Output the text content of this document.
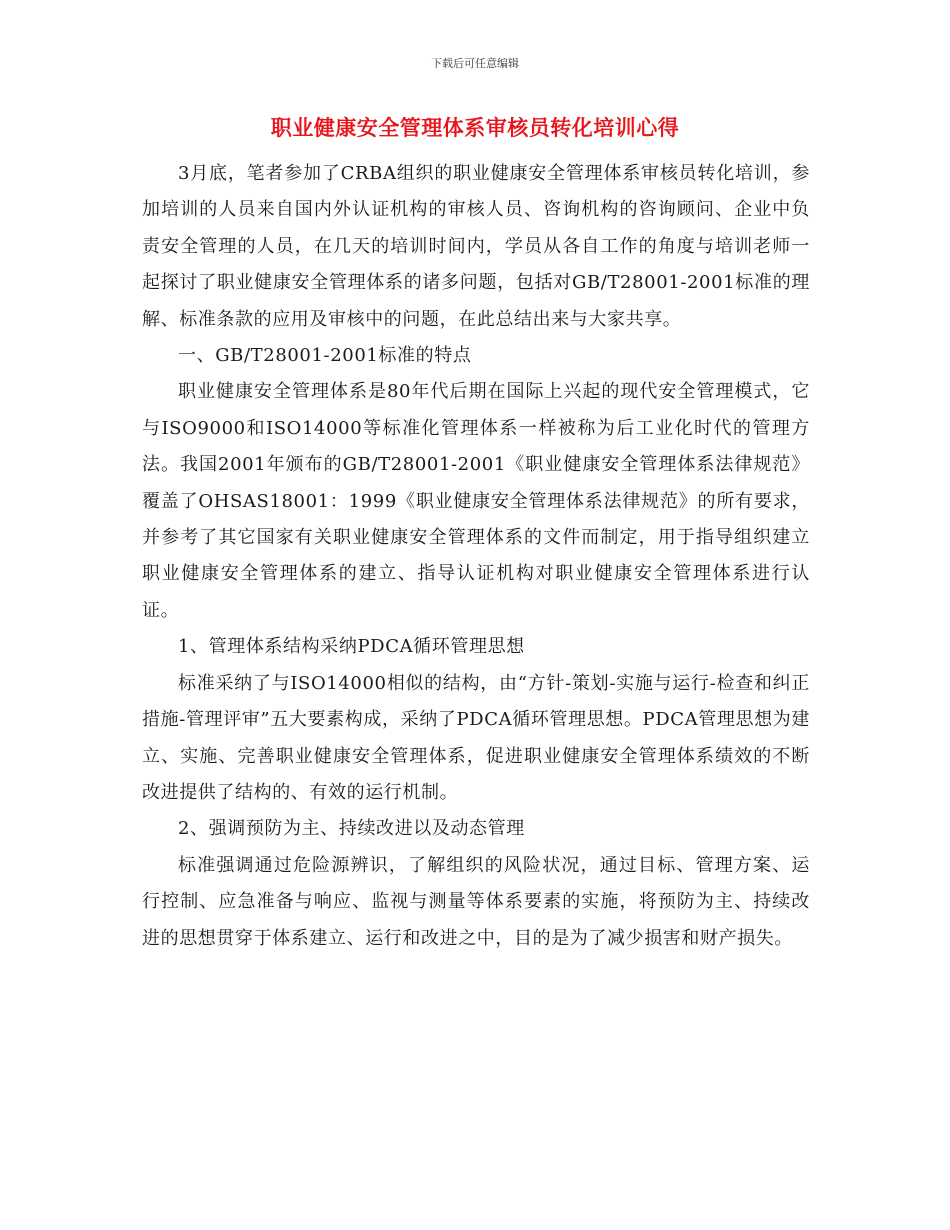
下载后可任意编辑
职业健康安全管理体系审核员转化培训心得

3月底，笔者参加了CRBA组织的职业健康安全管理体系审核员转化培训，参加培训的人员来自国内外认证机构的审核人员、咨询机构的咨询顾问、企业中负责安全管理的人员，在几天的培训时间内，学员从各自工作的角度与培训老师一起探讨了职业健康安全管理体系的诸多问题，包括对GB/T28001-2001标准的理解、标准条款的应用及审核中的问题，在此总结出来与大家共享。

一、GB/T28001-2001标准的特点

职业健康安全管理体系是80年代后期在国际上兴起的现代安全管理模式，它与ISO9000和ISO14000等标准化管理体系一样被称为后工业化时代的管理方法。我国2001年颁布的GB/T28001-2001《职业健康安全管理体系法律规范》覆盖了OHSAS18001：1999《职业健康安全管理体系法律规范》的所有要求，并参考了其它国家有关职业健康安全管理体系的文件而制定，用于指导组织建立职业健康安全管理体系的建立、指导认证机构对职业健康安全管理体系进行认证。

1、管理体系结构采纳PDCA循环管理思想

标准采纳了与ISO14000相似的结构，由“方针-策划-实施与运行-检查和纠正措施-管理评审”五大要素构成，采纳了PDCA循环管理思想。PDCA管理思想为建立、实施、完善职业健康安全管理体系，促进职业健康安全管理体系绩效的不断改进提供了结构的、有效的运行机制。

2、强调预防为主、持续改进以及动态管理

标准强调通过危险源辨识，了解组织的风险状况，通过目标、管理方案、运行控制、应急准备与响应、监视与测量等体系要素的实施，将预防为主、持续改进的思想贯穿于体系建立、运行和改进之中，目的是为了减少损害和财产损失。
